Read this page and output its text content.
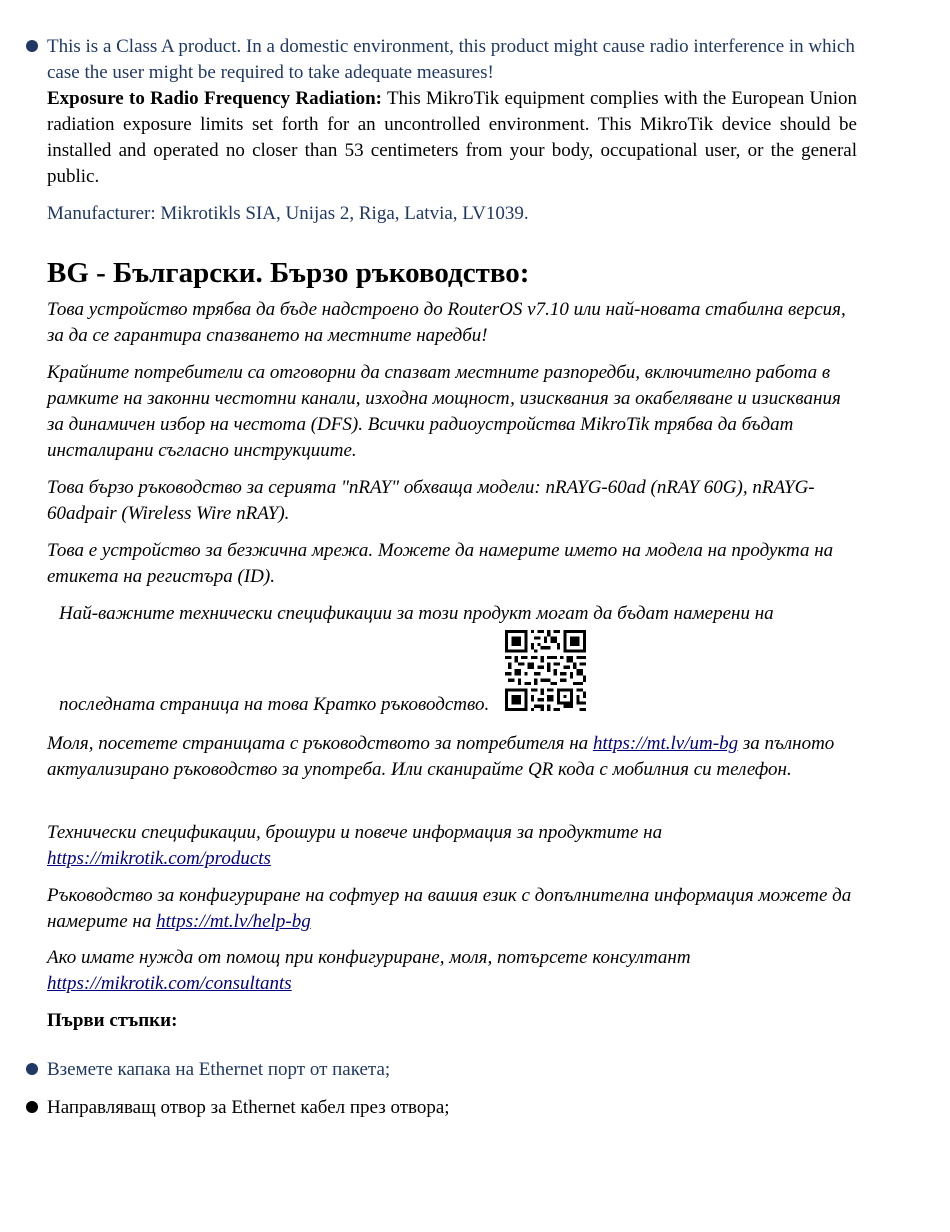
This is a Class A product. In a domestic environment, this product might cause radio interference in which case the user might be required to take adequate measures!

Exposure to Radio Frequency Radiation: This MikroTik equipment complies with the European Union radiation exposure limits set forth for an uncontrolled environment. This MikroTik device should be installed and operated no closer than 53 centimeters from your body, occupational user, or the general public.

Manufacturer: Mikrotikls SIA, Unijas 2, Riga, Latvia, LV1039.

BG - Български. Бързо ръководство:

Това устройство трябва да бъде надстроено до RouterOS v7.10 или най-новата стабилна версия, за да се гарантира спазването на местните наредби!

Крайните потребители са отговорни да спазват местните разпоредби, включително работа в рамките на законни честотни канали, изходна мощност, изисквания за окабеляване и изисквания за динамичен избор на честота (DFS). Всички радиоустройства MikroTik трябва да бъдат инсталирани съгласно инструкциите.

Това бързо ръководство за серията "nRAY" обхваща модели: nRAYG-60ad (nRAY 60G), nRAYG-60adpair (Wireless Wire nRAY).

Това е устройство за безжична мрежа. Можете да намерите името на модела на продукта на етикета на регистъра (ID).

Най-важните технически спецификации за този продукт могат да бъдат намерени на

последната страница на това Кратко ръководство.

Моля, посетете страницата с ръководството за потребителя на https://mt.lv/um-bg за пълното актуализирано ръководство за употреба. Или сканирайте QR кода с мобилния си телефон.

Технически спецификации, брошури и повече информация за продуктите на https://mikrotik.com/products

Ръководство за конфигуриране на софтуер на вашия език с допълнителна информация можете да намерите на https://mt.lv/help-bg

Ако имате нужда от помощ при конфигуриране, моля, потърсете консултант https://mikrotik.com/consultants

Първи стъпки:

Вземете капака на Ethernet порт от пакета;

Направляващ отвор за Ethernet кабел през отвора;
